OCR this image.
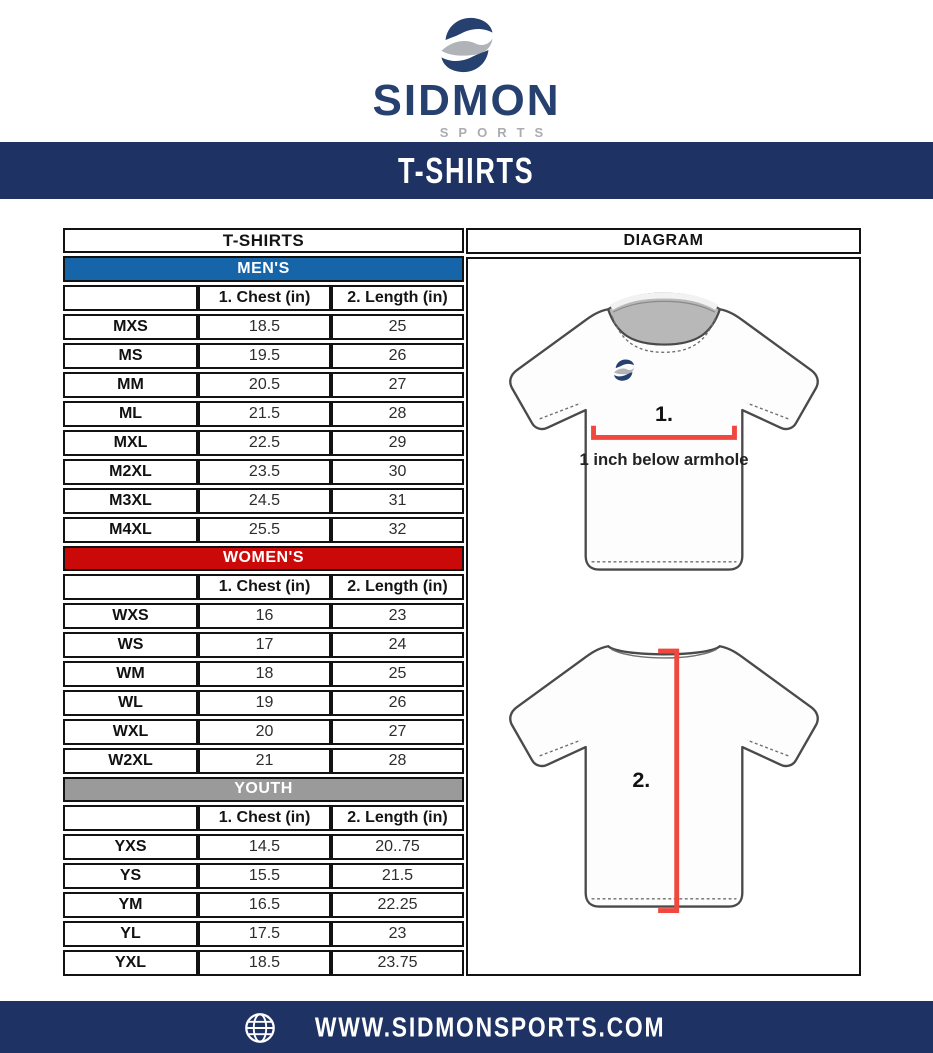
SIDMON
SPORTS
T-SHIRTS
T-SHIRTS
MEN'S
1. Chest (in)	2. Length (in)
MXS	18.5	25
MS	19.5	26
MM	20.5	27
ML	21.5	28
MXL	22.5	29
M2XL	23.5	30
M3XL	24.5	31
M4XL	25.5	32
WOMEN'S
1. Chest (in)	2. Length (in)
WXS	16	23
WS	17	24
WM	18	25
WL	19	26
WXL	20	27
W2XL	21	28
YOUTH
1. Chest (in)	2. Length (in)
YXS	14.5	20..75
YS	15.5	21.5
YM	16.5	22.25
YL	17.5	23
YXL	18.5	23.75
DIAGRAM
1.
1 inch below armhole
2.
WWW.SIDMONSPORTS.COM
